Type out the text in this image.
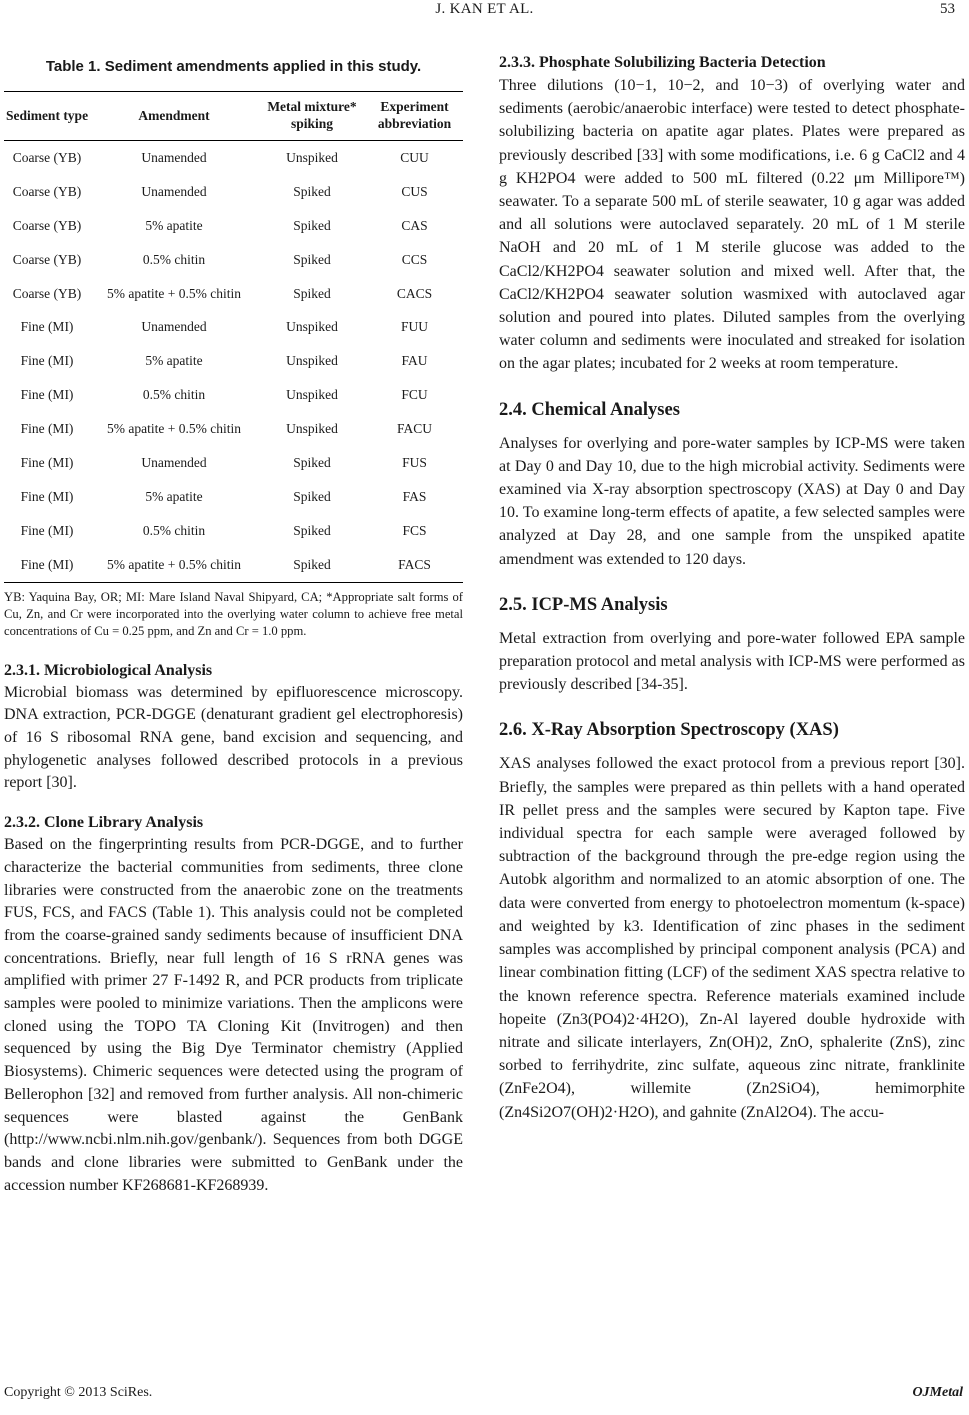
J. KAN ET AL.	53
Table 1. Sediment amendments applied in this study.
Sediment type	Amendment	Metal mixture* spiking	Experiment abbreviation
Coarse (YB)	Unamended	Unspiked	CUU
Coarse (YB)	Unamended	Spiked	CUS
Coarse (YB)	5% apatite	Spiked	CAS
Coarse (YB)	0.5% chitin	Spiked	CCS
Coarse (YB)	5% apatite + 0.5% chitin	Spiked	CACS
Fine (MI)	Unamended	Unspiked	FUU
Fine (MI)	5% apatite	Unspiked	FAU
Fine (MI)	0.5% chitin	Unspiked	FCU
Fine (MI)	5% apatite + 0.5% chitin	Unspiked	FACU
Fine (MI)	Unamended	Spiked	FUS
Fine (MI)	5% apatite	Spiked	FAS
Fine (MI)	0.5% chitin	Spiked	FCS
Fine (MI)	5% apatite + 0.5% chitin	Spiked	FACS
YB: Yaquina Bay, OR; MI: Mare Island Naval Shipyard, CA; *Appropriate salt forms of Cu, Zn, and Cr were incorporated into the overlying water column to achieve free metal concentrations of Cu = 0.25 ppm, and Zn and Cr = 1.0 ppm.
2.3.1. Microbiological Analysis

Microbial biomass was determined by epifluorescence microscopy. DNA extraction, PCR-DGGE (denaturant gradient gel electrophoresis) of 16 S ribosomal RNA gene, band excision and sequencing, and phylogenetic analyses followed described protocols in a previous report [30].

2.3.2. Clone Library Analysis

Based on the fingerprinting results from PCR-DGGE, and to further characterize the bacterial communities from sediments, three clone libraries were constructed from the anaerobic zone on the treatments FUS, FCS, and FACS (Table 1). This analysis could not be completed from the coarse-grained sandy sediments because of insufficient DNA concentrations. Briefly, near full length of 16 S rRNA genes was amplified with primer 27 F-1492 R, and PCR products from triplicate samples were pooled to minimize variations. Then the amplicons were cloned using the TOPO TA Cloning Kit (Invitrogen) and then sequenced by using the Big Dye Terminator chemistry (Applied Biosystems). Chimeric sequences were detected using the program of Bellerophon [32] and removed from further analysis. All non-chimeric sequences were blasted against the GenBank (http://www.ncbi.nlm.nih.gov/genbank/). Sequences from both DGGE bands and clone libraries were submitted to GenBank under the accession number KF268681-KF268939.

2.3.3. Phosphate Solubilizing Bacteria Detection

Three dilutions (10−1, 10−2, and 10−3) of overlying water and sediments (aerobic/anaerobic interface) were tested to detect phosphate-solubilizing bacteria on apatite agar plates. Plates were prepared as previously described [33] with some modifications, i.e. 6 g CaCl2 and 4 g KH2PO4 were added to 500 mL filtered (0.22 μm Millipore™) seawater. To a separate 500 mL of sterile seawater, 10 g agar was added and all solutions were autoclaved separately. 20 mL of 1 M sterile NaOH and 20 mL of 1 M sterile glucose was added to the CaCl2/KH2PO4 seawater solution and mixed well. After that, the CaCl2/KH2PO4 seawater solution wasmixed with autoclaved agar solution and poured into plates. Diluted samples from the overlying water column and sediments were inoculated and streaked for isolation on the agar plates; incubated for 2 weeks at room temperature.

2.4. Chemical Analyses

Analyses for overlying and pore-water samples by ICP-MS were taken at Day 0 and Day 10, due to the high microbial activity. Sediments were examined via X-ray absorption spectroscopy (XAS) at Day 0 and Day 10. To examine long-term effects of apatite, a few selected samples were analyzed at Day 28, and one sample from the unspiked apatite amendment was extended to 120 days.

2.5. ICP-MS Analysis

Metal extraction from overlying and pore-water followed EPA sample preparation protocol and metal analysis with ICP-MS were performed as previously described [34-35].

2.6. X-Ray Absorption Spectroscopy (XAS)

XAS analyses followed the exact protocol from a previous report [30]. Briefly, the samples were prepared as thin pellets with a hand operated IR pellet press and the samples were secured by Kapton tape. Five individual spectra for each sample were averaged followed by subtraction of the background through the pre-edge region using the Autobk algorithm and normalized to an atomic absorption of one. The data were converted from energy to photoelectron momentum (k-space) and weighted by k3. Identification of zinc phases in the sediment samples was accomplished by principal component analysis (PCA) and linear combination fitting (LCF) of the sediment XAS spectra relative to the known reference spectra. Reference materials examined include hopeite (Zn3(PO4)2·4H2O), Zn-Al layered double hydroxide with nitrate and silicate interlayers, Zn(OH)2, ZnO, sphalerite (ZnS), zinc sorbed to ferrihydrite, zinc sulfate, aqueous zinc nitrate, franklinite (ZnFe2O4), willemite (Zn2SiO4), hemimorphite (Zn4Si2O7(OH)2·H2O), and gahnite (ZnAl2O4). The accu-

Copyright © 2013 SciRes.	OJMetal
